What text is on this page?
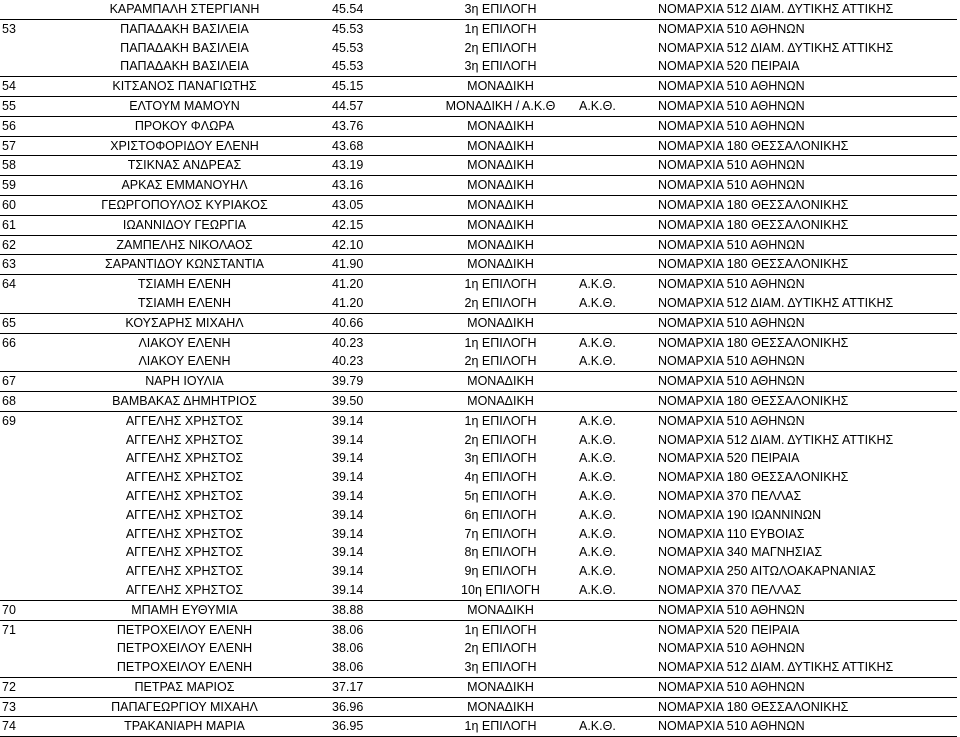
	ΚΑΡΑΜΠΑΛΗ ΣΤΕΡΓΙΑΝΗ	45.54	3η ΕΠΙΛΟΓΗ		ΝΟΜΑΡΧΙΑ 512 ΔΙΑΜ. ΔΥΤΙΚΗΣ ΑΤΤΙΚΗΣ
53	ΠΑΠΑΔΑΚΗ ΒΑΣΙΛΕΙΑ	45.53	1η ΕΠΙΛΟΓΗ		ΝΟΜΑΡΧΙΑ 510 ΑΘΗΝΩΝ
	ΠΑΠΑΔΑΚΗ ΒΑΣΙΛΕΙΑ	45.53	2η ΕΠΙΛΟΓΗ		ΝΟΜΑΡΧΙΑ 512 ΔΙΑΜ. ΔΥΤΙΚΗΣ ΑΤΤΙΚΗΣ
	ΠΑΠΑΔΑΚΗ ΒΑΣΙΛΕΙΑ	45.53	3η ΕΠΙΛΟΓΗ		ΝΟΜΑΡΧΙΑ 520 ΠΕΙΡΑΙΑ
54	ΚΙΤΣΑΝΟΣ ΠΑΝΑΓΙΩΤΗΣ	45.15	ΜΟΝΑΔΙΚΗ		ΝΟΜΑΡΧΙΑ 510 ΑΘΗΝΩΝ
55	ΕΛΤΟΥΜ ΜΑΜΟΥΝ	44.57	ΜΟΝΑΔΙΚΗ / Α.Κ.Θ	Α.Κ.Θ.	ΝΟΜΑΡΧΙΑ 510 ΑΘΗΝΩΝ
56	ΠΡΟΚΟΥ ΦΛΩΡΑ	43.76	ΜΟΝΑΔΙΚΗ		ΝΟΜΑΡΧΙΑ 510 ΑΘΗΝΩΝ
57	ΧΡΙΣΤΟΦΟΡΙΔΟΥ ΕΛΕΝΗ	43.68	ΜΟΝΑΔΙΚΗ		ΝΟΜΑΡΧΙΑ 180 ΘΕΣΣΑΛΟΝΙΚΗΣ
58	ΤΣΙΚΝΑΣ ΑΝΔΡΕΑΣ	43.19	ΜΟΝΑΔΙΚΗ		ΝΟΜΑΡΧΙΑ 510 ΑΘΗΝΩΝ
59	ΑΡΚΑΣ ΕΜΜΑΝΟΥΗΛ	43.16	ΜΟΝΑΔΙΚΗ		ΝΟΜΑΡΧΙΑ 510 ΑΘΗΝΩΝ
60	ΓΕΩΡΓΟΠΟΥΛΟΣ ΚΥΡΙΑΚΟΣ	43.05	ΜΟΝΑΔΙΚΗ		ΝΟΜΑΡΧΙΑ 180 ΘΕΣΣΑΛΟΝΙΚΗΣ
61	ΙΩΑΝΝΙΔΟΥ ΓΕΩΡΓΙΑ	42.15	ΜΟΝΑΔΙΚΗ		ΝΟΜΑΡΧΙΑ 180 ΘΕΣΣΑΛΟΝΙΚΗΣ
62	ΖΑΜΠΕΛΗΣ ΝΙΚΟΛΑΟΣ	42.10	ΜΟΝΑΔΙΚΗ		ΝΟΜΑΡΧΙΑ 510 ΑΘΗΝΩΝ
63	ΣΑΡΑΝΤΙΔΟΥ ΚΩΝΣΤΑΝΤΙΑ	41.90	ΜΟΝΑΔΙΚΗ		ΝΟΜΑΡΧΙΑ 180 ΘΕΣΣΑΛΟΝΙΚΗΣ
64	ΤΣΙΑΜΗ ΕΛΕΝΗ	41.20	1η ΕΠΙΛΟΓΗ	Α.Κ.Θ.	ΝΟΜΑΡΧΙΑ 510 ΑΘΗΝΩΝ
	ΤΣΙΑΜΗ ΕΛΕΝΗ	41.20	2η ΕΠΙΛΟΓΗ	Α.Κ.Θ.	ΝΟΜΑΡΧΙΑ 512 ΔΙΑΜ. ΔΥΤΙΚΗΣ ΑΤΤΙΚΗΣ
65	ΚΟΥΣΑΡΗΣ ΜΙΧΑΗΛ	40.66	ΜΟΝΑΔΙΚΗ		ΝΟΜΑΡΧΙΑ 510 ΑΘΗΝΩΝ
66	ΛΙΑΚΟΥ ΕΛΕΝΗ	40.23	1η ΕΠΙΛΟΓΗ	Α.Κ.Θ.	ΝΟΜΑΡΧΙΑ 180 ΘΕΣΣΑΛΟΝΙΚΗΣ
	ΛΙΑΚΟΥ ΕΛΕΝΗ	40.23	2η ΕΠΙΛΟΓΗ	Α.Κ.Θ.	ΝΟΜΑΡΧΙΑ 510 ΑΘΗΝΩΝ
67	ΝΑΡΗ ΙΟΥΛΙΑ	39.79	ΜΟΝΑΔΙΚΗ		ΝΟΜΑΡΧΙΑ 510 ΑΘΗΝΩΝ
68	ΒΑΜΒΑΚΑΣ ΔΗΜΗΤΡΙΟΣ	39.50	ΜΟΝΑΔΙΚΗ		ΝΟΜΑΡΧΙΑ 180 ΘΕΣΣΑΛΟΝΙΚΗΣ
69	ΑΓΓΕΛΗΣ ΧΡΗΣΤΟΣ	39.14	1η ΕΠΙΛΟΓΗ	Α.Κ.Θ.	ΝΟΜΑΡΧΙΑ 510 ΑΘΗΝΩΝ
	ΑΓΓΕΛΗΣ ΧΡΗΣΤΟΣ	39.14	2η ΕΠΙΛΟΓΗ	Α.Κ.Θ.	ΝΟΜΑΡΧΙΑ 512 ΔΙΑΜ. ΔΥΤΙΚΗΣ ΑΤΤΙΚΗΣ
	ΑΓΓΕΛΗΣ ΧΡΗΣΤΟΣ	39.14	3η ΕΠΙΛΟΓΗ	Α.Κ.Θ.	ΝΟΜΑΡΧΙΑ 520 ΠΕΙΡΑΙΑ
	ΑΓΓΕΛΗΣ ΧΡΗΣΤΟΣ	39.14	4η ΕΠΙΛΟΓΗ	Α.Κ.Θ.	ΝΟΜΑΡΧΙΑ 180 ΘΕΣΣΑΛΟΝΙΚΗΣ
	ΑΓΓΕΛΗΣ ΧΡΗΣΤΟΣ	39.14	5η ΕΠΙΛΟΓΗ	Α.Κ.Θ.	ΝΟΜΑΡΧΙΑ 370 ΠΕΛΛΑΣ
	ΑΓΓΕΛΗΣ ΧΡΗΣΤΟΣ	39.14	6η ΕΠΙΛΟΓΗ	Α.Κ.Θ.	ΝΟΜΑΡΧΙΑ 190 ΙΩΑΝΝΙΝΩΝ
	ΑΓΓΕΛΗΣ ΧΡΗΣΤΟΣ	39.14	7η ΕΠΙΛΟΓΗ	Α.Κ.Θ.	ΝΟΜΑΡΧΙΑ 110 ΕΥΒΟΙΑΣ
	ΑΓΓΕΛΗΣ ΧΡΗΣΤΟΣ	39.14	8η ΕΠΙΛΟΓΗ	Α.Κ.Θ.	ΝΟΜΑΡΧΙΑ 340 ΜΑΓΝΗΣΙΑΣ
	ΑΓΓΕΛΗΣ ΧΡΗΣΤΟΣ	39.14	9η ΕΠΙΛΟΓΗ	Α.Κ.Θ.	ΝΟΜΑΡΧΙΑ 250 ΑΙΤΩΛΟΑΚΑΡΝΑΝΙΑΣ
	ΑΓΓΕΛΗΣ ΧΡΗΣΤΟΣ	39.14	10η ΕΠΙΛΟΓΗ	Α.Κ.Θ.	ΝΟΜΑΡΧΙΑ 370 ΠΕΛΛΑΣ
70	ΜΠΑΜΗ ΕΥΘΥΜΙΑ	38.88	ΜΟΝΑΔΙΚΗ		ΝΟΜΑΡΧΙΑ 510 ΑΘΗΝΩΝ
71	ΠΕΤΡΟΧΕΙΛΟΥ ΕΛΕΝΗ	38.06	1η ΕΠΙΛΟΓΗ		ΝΟΜΑΡΧΙΑ 520 ΠΕΙΡΑΙΑ
	ΠΕΤΡΟΧΕΙΛΟΥ ΕΛΕΝΗ	38.06	2η ΕΠΙΛΟΓΗ		ΝΟΜΑΡΧΙΑ 510 ΑΘΗΝΩΝ
	ΠΕΤΡΟΧΕΙΛΟΥ ΕΛΕΝΗ	38.06	3η ΕΠΙΛΟΓΗ		ΝΟΜΑΡΧΙΑ 512 ΔΙΑΜ. ΔΥΤΙΚΗΣ ΑΤΤΙΚΗΣ
72	ΠΕΤΡΑΣ ΜΑΡΙΟΣ	37.17	ΜΟΝΑΔΙΚΗ		ΝΟΜΑΡΧΙΑ 510 ΑΘΗΝΩΝ
73	ΠΑΠΑΓΕΩΡΓΙΟΥ ΜΙΧΑΗΛ	36.96	ΜΟΝΑΔΙΚΗ		ΝΟΜΑΡΧΙΑ 180 ΘΕΣΣΑΛΟΝΙΚΗΣ
74	ΤΡΑΚΑΝΙΑΡΗ ΜΑΡΙΑ	36.95	1η ΕΠΙΛΟΓΗ	Α.Κ.Θ.	ΝΟΜΑΡΧΙΑ 510 ΑΘΗΝΩΝ
